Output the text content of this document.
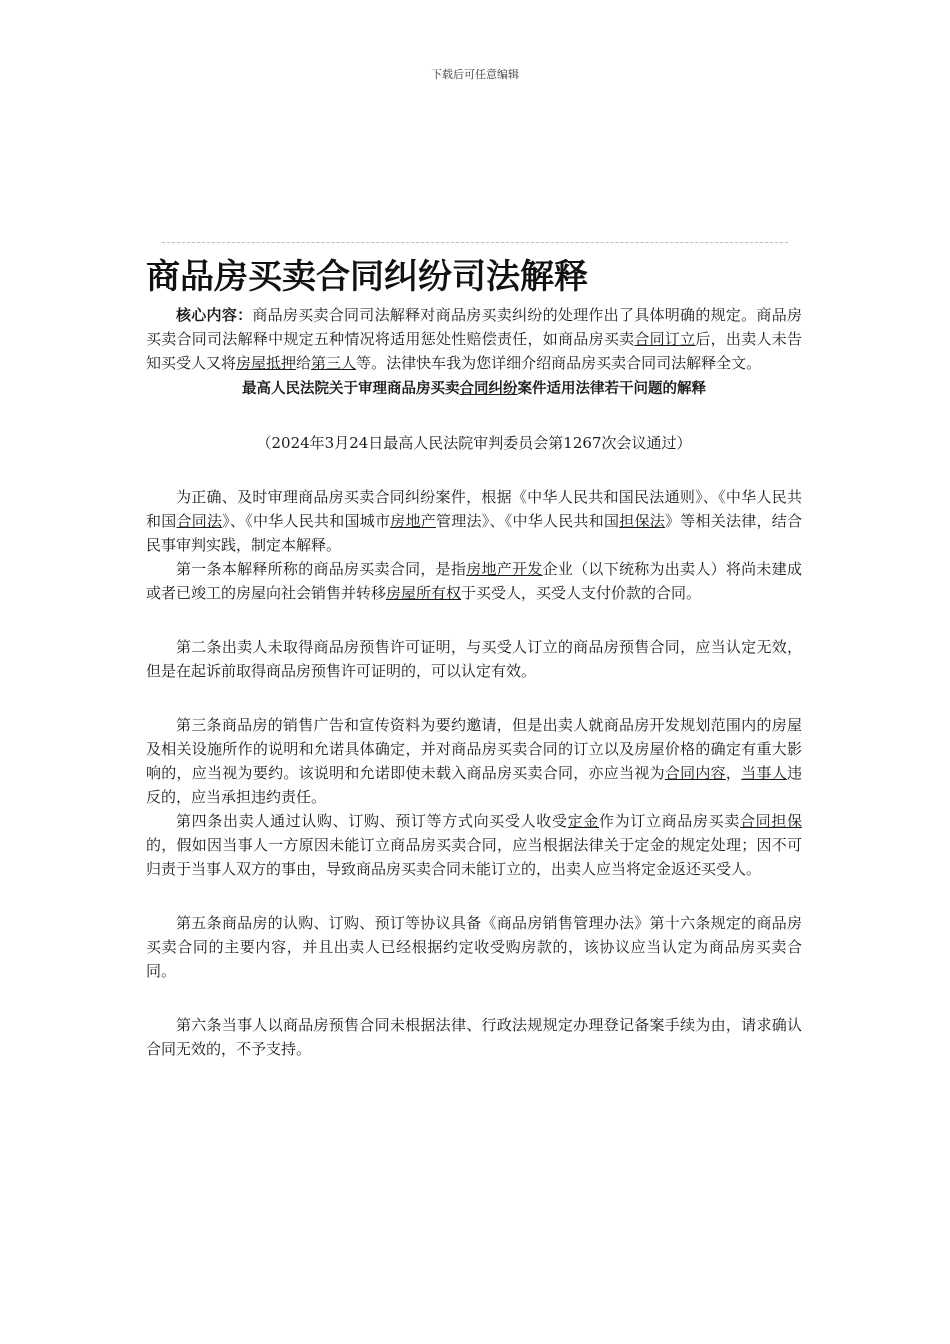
下载后可任意编辑
商品房买卖合同纠纷司法解释

核心内容：商品房买卖合同司法解释对商品房买卖纠纷的处理作出了具体明确的规定。商品房买卖合同司法解释中规定五种情况将适用惩处性赔偿责任，如商品房买卖合同订立后，出卖人未告知买受人又将房屋抵押给第三人等。法律快车我为您详细介绍商品房买卖合同司法解释全文。

最高人民法院关于审理商品房买卖合同纠纷案件适用法律若干问题的解释

（2024年3月24日最高人民法院审判委员会第1267次会议通过）

为正确、及时审理商品房买卖合同纠纷案件，根据《中华人民共和国民法通则》、《中华人民共和国合同法》、《中华人民共和国城市房地产管理法》、《中华人民共和国担保法》等相关法律，结合民事审判实践，制定本解释。

第一条本解释所称的商品房买卖合同，是指房地产开发企业（以下统称为出卖人）将尚未建成或者已竣工的房屋向社会销售并转移房屋所有权于买受人，买受人支付价款的合同。

第二条出卖人未取得商品房预售许可证明，与买受人订立的商品房预售合同，应当认定无效，但是在起诉前取得商品房预售许可证明的，可以认定有效。

第三条商品房的销售广告和宣传资料为要约邀请，但是出卖人就商品房开发规划范围内的房屋及相关设施所作的说明和允诺具体确定，并对商品房买卖合同的订立以及房屋价格的确定有重大影响的，应当视为要约。该说明和允诺即使未载入商品房买卖合同，亦应当视为合同内容，当事人违反的，应当承担违约责任。

第四条出卖人通过认购、订购、预订等方式向买受人收受定金作为订立商品房买卖合同担保的，假如因当事人一方原因未能订立商品房买卖合同，应当根据法律关于定金的规定处理；因不可归责于当事人双方的事由，导致商品房买卖合同未能订立的，出卖人应当将定金返还买受人。

第五条商品房的认购、订购、预订等协议具备《商品房销售管理办法》第十六条规定的商品房买卖合同的主要内容，并且出卖人已经根据约定收受购房款的，该协议应当认定为商品房买卖合同。

第六条当事人以商品房预售合同未根据法律、行政法规规定办理登记备案手续为由，请求确认合同无效的，不予支持。
